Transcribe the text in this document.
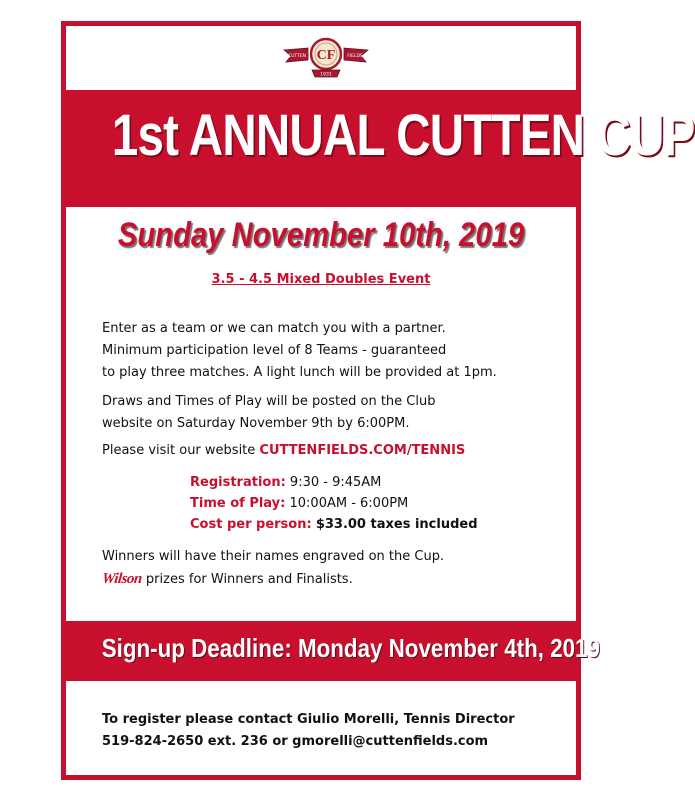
CUTTEN	FIELDS
CF
1931
1st ANNUAL CUTTEN CUP
Sunday November 10th, 2019
3.5 - 4.5 Mixed Doubles Event
Enter as a team or we can match you with a partner.
Minimum participation level of 8 Teams - guaranteed
to play three matches. A light lunch will be provided at 1pm.
Draws and Times of Play will be posted on the Club
website on Saturday November 9th by 6:00PM.
Please visit our website CUTTENFIELDS.COM/TENNIS
Registration: 9:30 - 9:45AM
Time of Play: 10:00AM - 6:00PM
Cost per person: $33.00 taxes included
Winners will have their names engraved on the Cup.
Wilson prizes for Winners and Finalists.
Sign-up Deadline: Monday November 4th, 2019
To register please contact Giulio Morelli, Tennis Director
519-824-2650 ext. 236 or gmorelli@cuttenfields.com
